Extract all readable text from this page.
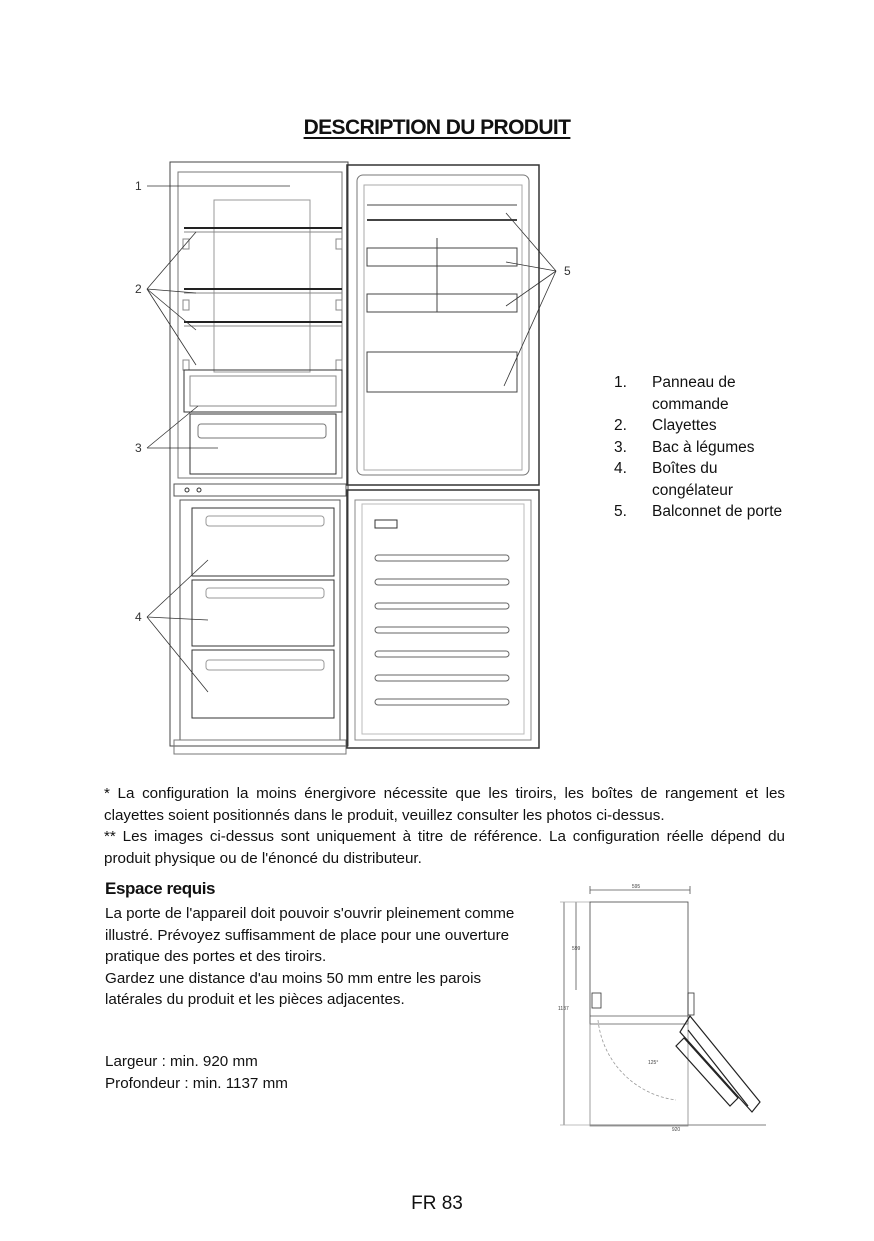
DESCRIPTION DU PRODUIT
1
2
3
4
5
1. Panneau de commande
2. Clayettes
3. Bac à légumes
4. Boîtes du congélateur
5. Balconnet de porte

* La configuration la moins énergivore nécessite que les tiroirs, les boîtes de rangement et les clayettes soient positionnés dans le produit, veuillez consulter les photos ci-dessus.

** Les images ci-dessus sont uniquement à titre de référence. La configuration réelle dépend du produit physique ou de l'énoncé du distributeur.

Espace requis

La porte de l'appareil doit pouvoir s'ouvrir pleinement comme illustré. Prévoyez suffisamment de place pour une ouverture pratique des portes et des tiroirs.

Gardez une distance d'au moins 50 mm entre les parois latérales du produit et les pièces adjacentes.

Largeur : min. 920 mm

Profondeur : min. 1137 mm

595
599
1137
920
125°
FR 83
